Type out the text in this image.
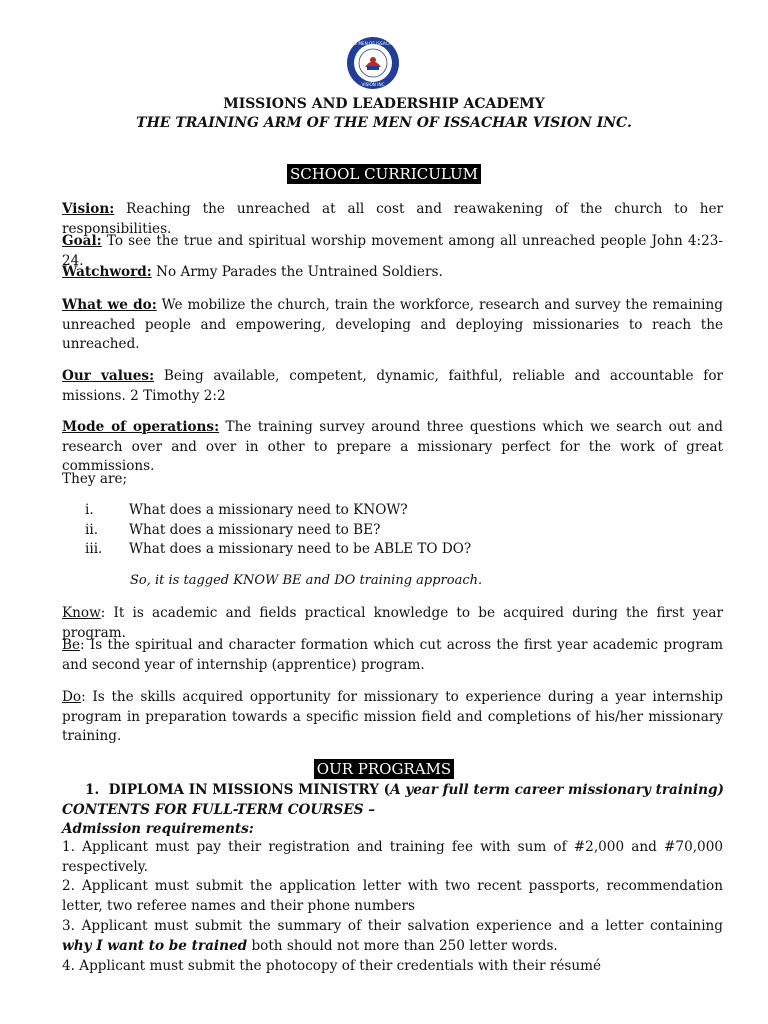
THE MEN OF ISSACHAR
VISION INC
MISSIONS AND LEADERSHIP ACADEMY
THE TRAINING ARM OF THE MEN OF ISSACHAR VISION INC.
SCHOOL CURRICULUM

Vision: Reaching the unreached at all cost and reawakening of the church to her responsibilities.

Goal: To see the true and spiritual worship movement among all unreached people John 4:23-24.

Watchword: No Army Parades the Untrained Soldiers.

What we do: We mobilize the church, train the workforce, research and survey the remaining unreached people and empowering, developing and deploying missionaries to reach the unreached.

Our values: Being available, competent, dynamic, faithful, reliable and accountable for missions. 2 Timothy 2:2

Mode of operations: The training survey around three questions which we search out and research over and over in other to prepare a missionary perfect for the work of great commissions.

They are;

i.	What does a missionary need to KNOW?
ii. What does a missionary need to BE?
iii. What does a missionary need to be ABLE TO DO?
So, it is tagged KNOW BE and DO training approach.

Know: It is academic and fields practical knowledge to be acquired during the first year program.

Be: Is the spiritual and character formation which cut across the first year academic program and second year of internship (apprentice) program.

Do: Is the skills acquired opportunity for missionary to experience during a year internship program in preparation towards a specific mission field and completions of his/her missionary training.

OUR PROGRAMS
1. DIPLOMA IN MISSIONS MINISTRY (A year full term career missionary training)
CONTENTS FOR FULL-TERM COURSES –
Admission requirements:

1. Applicant must pay their registration and training fee with sum of #2,000 and #70,000 respectively.

2. Applicant must submit the application letter with two recent passports, recommendation letter, two referee names and their phone numbers

3. Applicant must submit the summary of their salvation experience and a letter containing why I want to be trained both should not more than 250 letter words.

4. Applicant must submit the photocopy of their credentials with their résumé
